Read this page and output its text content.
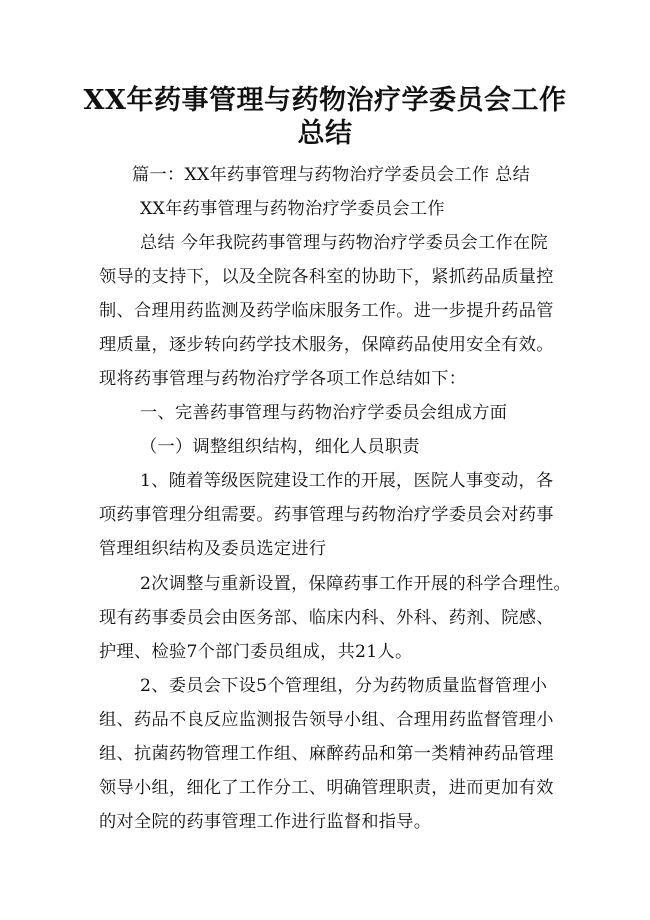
XX年药事管理与药物治疗学委员会工作
总结
篇一：XX年药事管理与药物治疗学委员会工作 总结
XX年药事管理与药物治疗学委员会工作
总结 今年我院药事管理与药物治疗学委员会工作在院
领导的支持下，以及全院各科室的协助下，紧抓药品质量控
制、合理用药监测及药学临床服务工作。进一步提升药品管
理质量，逐步转向药学技术服务，保障药品使用安全有效。
现将药事管理与药物治疗学各项工作总结如下：
一、完善药事管理与药物治疗学委员会组成方面
（一）调整组织结构，细化人员职责
1、随着等级医院建设工作的开展，医院人事变动，各
项药事管理分组需要。药事管理与药物治疗学委员会对药事
管理组织结构及委员选定进行
2次调整与重新设置，保障药事工作开展的科学合理性。
现有药事委员会由医务部、临床内科、外科、药剂、院感、
护理、检验7个部门委员组成，共21人。
2、委员会下设5个管理组，分为药物质量监督管理小
组、药品不良反应监测报告领导小组、合理用药监督管理小
组、抗菌药物管理工作组、麻醉药品和第一类精神药品管理
领导小组，细化了工作分工、明确管理职责，进而更加有效
的对全院的药事管理工作进行监督和指导。
